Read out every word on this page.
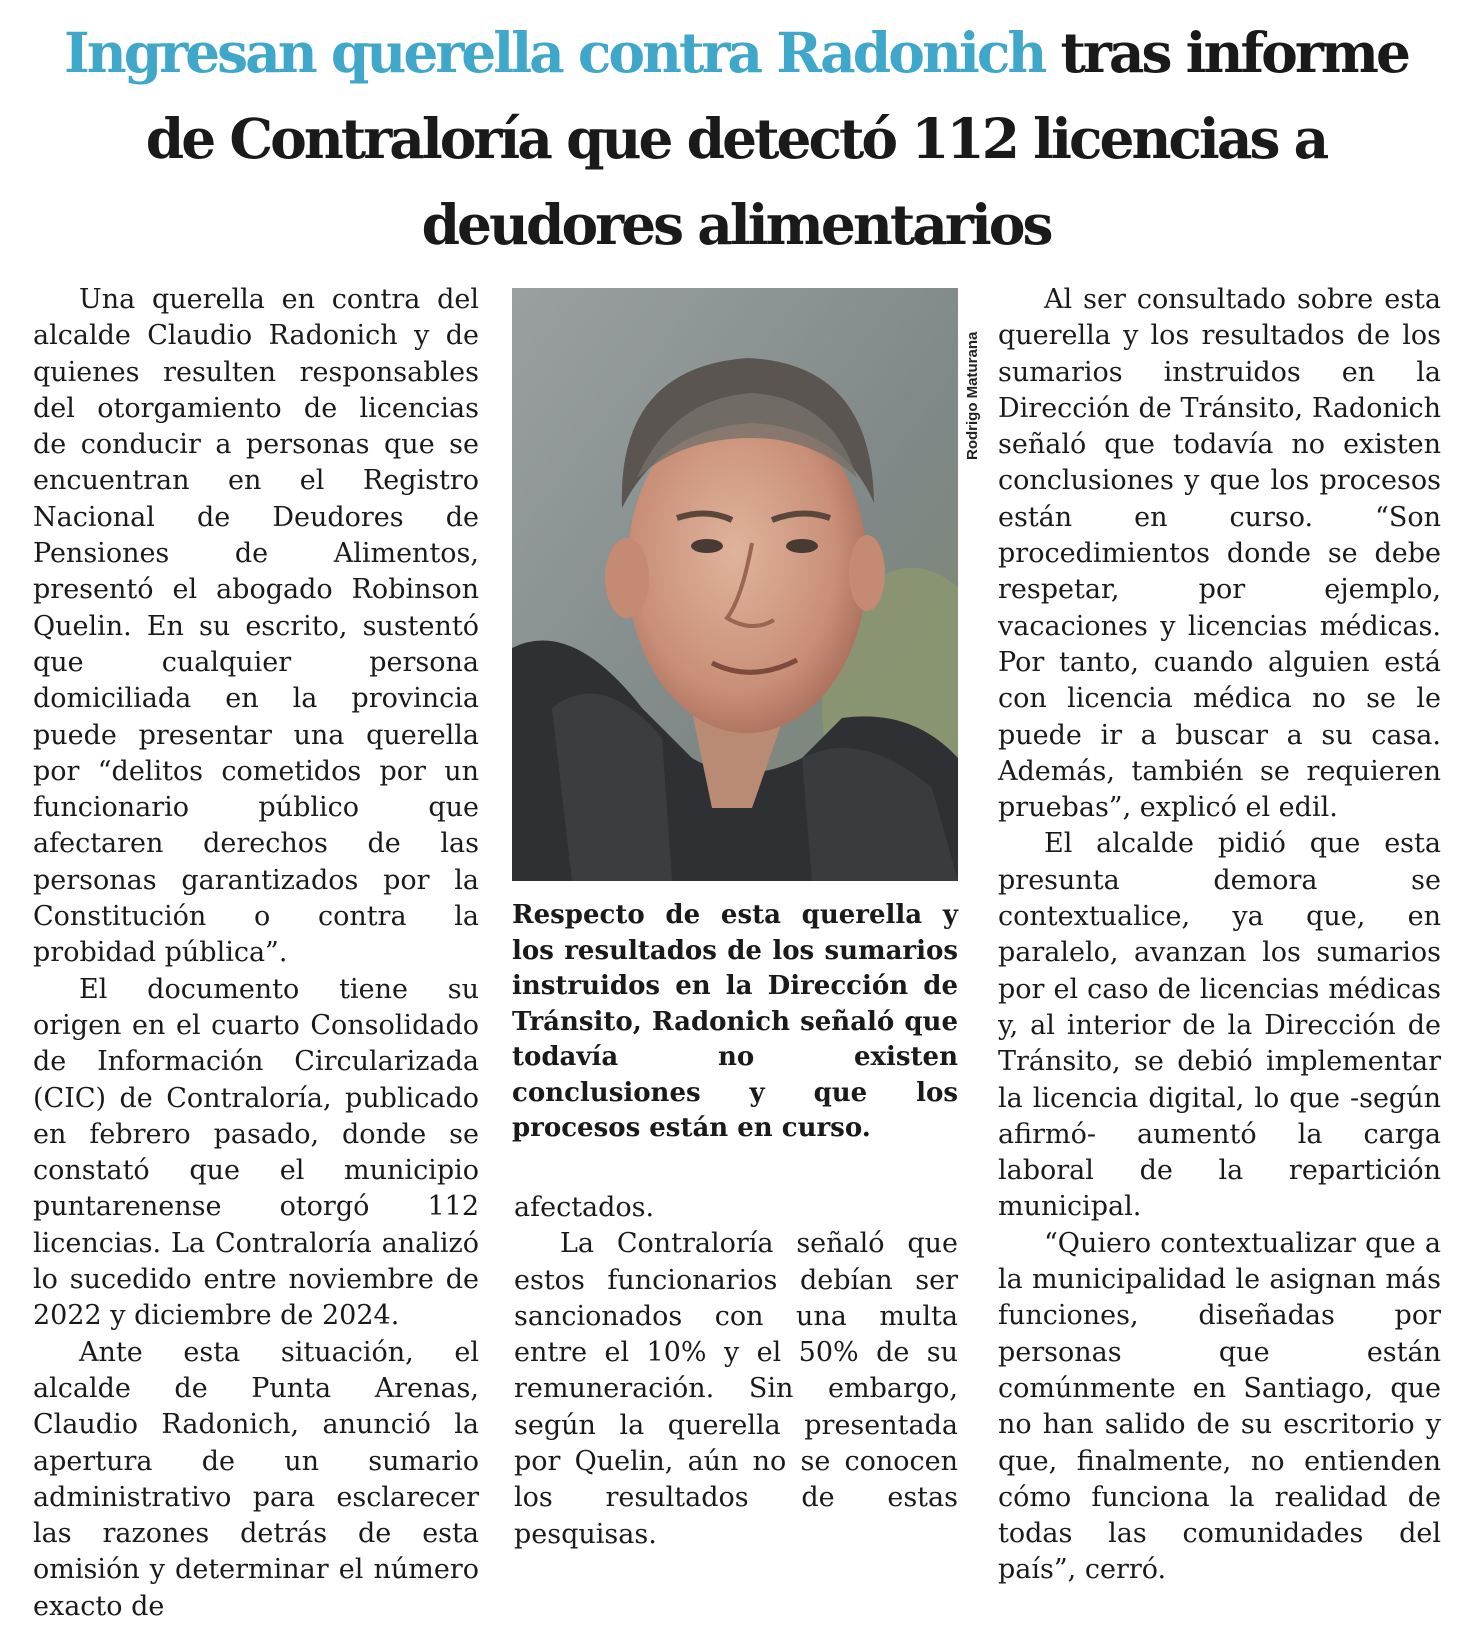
Ingresan querella contra Radonich tras informe de Contraloría que detectó 112 licencias a deudores alimentarios

Una querella en contra del alcalde Claudio Radonich y de quienes resulten responsables del otorgamiento de licencias de conducir a personas que se encuentran en el Registro Nacional de Deudores de Pensiones de Alimentos, presentó el abogado Robinson Quelin. En su escrito, sustentó que cualquier persona domiciliada en la provincia puede presentar una querella por “delitos cometidos por un funcionario público que afectaren derechos de las personas garantizados por la Constitución o contra la probidad pública”.

El documento tiene su origen en el cuarto Consolidado de Información Circularizada (CIC) de Contraloría, publicado en febrero pasado, donde se constató que el municipio puntarenense otorgó 112 licencias. La Contraloría analizó lo sucedido entre noviembre de 2022 y diciembre de 2024.

Ante esta situación, el alcalde de Punta Arenas, Claudio Radonich, anunció la apertura de un sumario administrativo para esclarecer las razones detrás de esta omisión y determinar el número exacto de

Rodrigo Maturana

Respecto de esta querella y los resultados de los sumarios instruidos en la Dirección de Tránsito, Radonich señaló que todavía no existen conclusiones y que los procesos están en curso.

afectados.

La Contraloría señaló que estos funcionarios debían ser sancionados con una multa entre el 10% y el 50% de su remuneración. Sin embargo, según la querella presentada por Quelin, aún no se conocen los resultados de estas pesquisas.

Al ser consultado sobre esta querella y los resultados de los sumarios instruidos en la Dirección de Tránsito, Radonich señaló que todavía no existen conclusiones y que los procesos están en curso. “Son procedimientos donde se debe respetar, por ejemplo, vacaciones y licencias médicas. Por tanto, cuando alguien está con licencia médica no se le puede ir a buscar a su casa. Además, también se requieren pruebas”, explicó el edil.

El alcalde pidió que esta presunta demora se contextualice, ya que, en paralelo, avanzan los sumarios por el caso de licencias médicas y, al interior de la Dirección de Tránsito, se debió implementar la licencia digital, lo que -según afirmó- aumentó la carga laboral de la repartición municipal.

“Quiero contextualizar que a la municipalidad le asignan más funciones, diseñadas por personas que están comúnmente en Santiago, que no han salido de su escritorio y que, finalmente, no entienden cómo funciona la realidad de todas las comunidades del país”, cerró.
